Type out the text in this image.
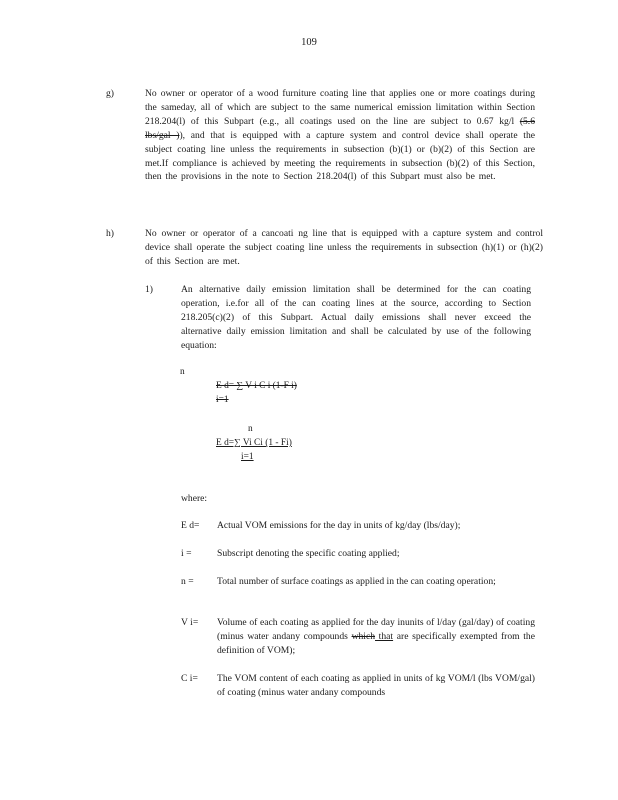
109
g)	No owner or operator of a wood furniture coating line that applies one or more coatings during the sameday, all of which are subject to the same numerical emission limitation within Section 218.204(l) of this Subpart (e.g., all coatings used on the line are subject to 0.67 kg/l (5.6 lbs/gal )), and that is equipped with a capture system and control device shall operate the subject coating line unless the requirements in subsection (b)(1) or (b)(2) of this Section are met.If compliance is achieved by meeting the requirements in subsection (b)(2) of this Section, then the provisions in the note to Section 218.204(l) of this Subpart must also be met.
h)	No owner or operator of a cancoati ng line that is equipped with a capture system and control device shall operate the subject coating line unless the requirements in subsection (h)(1) or (h)(2) of this Section are met.
1)	An alternative daily emission limitation shall be determined for the can coating operation, i.e.for all of the can coating lines at the source, according to Section 218.205(c)(2) of this Subpart. Actual daily emissions shall never exceed the alternative daily emission limitation and shall be calculated by use of the following equation:
n
E d= ∑ V i C i (1-F i)
i=1
n
E d=∑ Vi Ci (1 - Fi)
i=1
where:
E d=	Actual VOM emissions for the day in units of kg/day (lbs/day);
i =	Subscript denoting the specific coating applied;
n =	Total number of surface coatings as applied in the can coating operation;
V i=	Volume of each coating as applied for the day inunits of l/day (gal/day) of coating (minus water andany compounds which that are specifically exempted from the definition of VOM);
C i=	The VOM content of each coating as applied in units of kg VOM/l (lbs VOM/gal) of coating (minus water andany compounds
